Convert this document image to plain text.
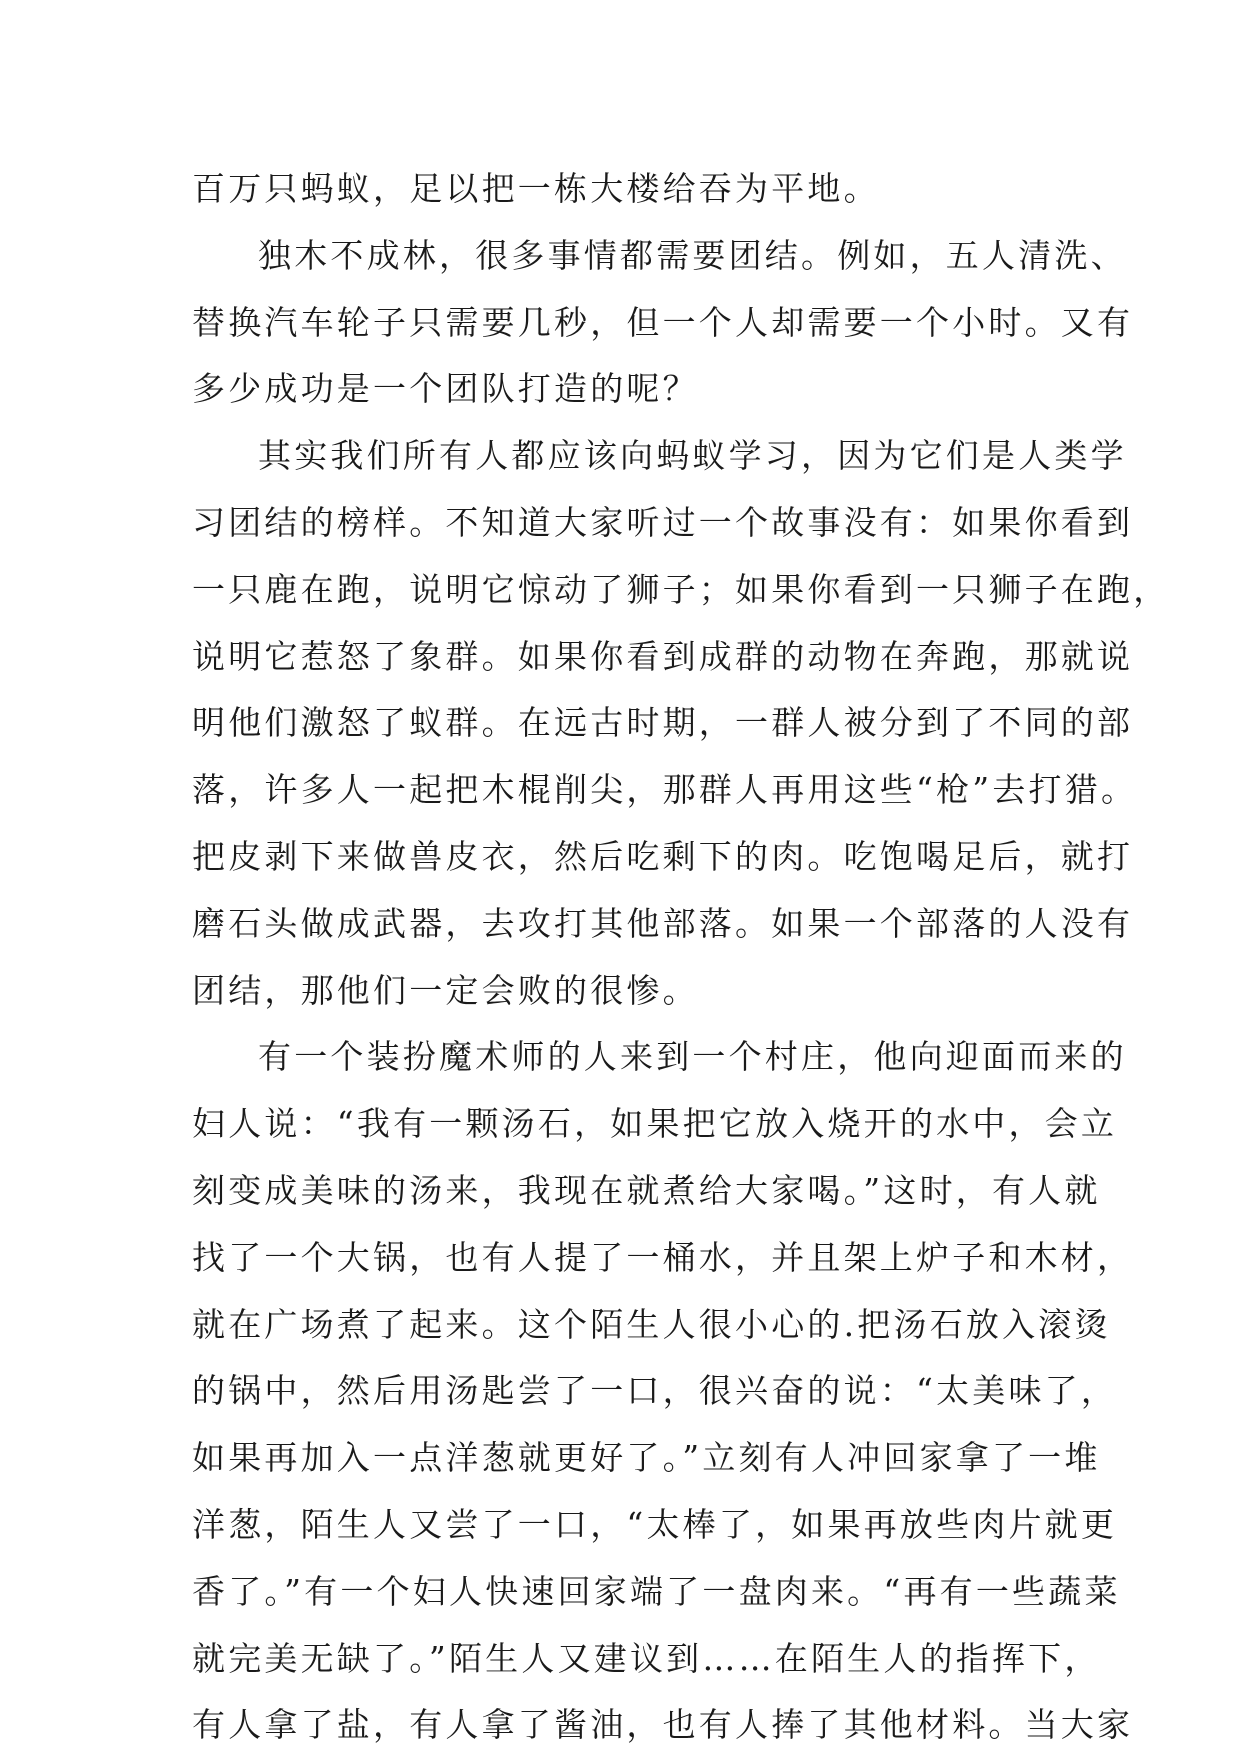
百万只蚂蚁，足以把一栋大楼给吞为平地。
独木不成林，很多事情都需要团结。例如，五人清洗、
替换汽车轮子只需要几秒，但一个人却需要一个小时。又有
多少成功是一个团队打造的呢？
其实我们所有人都应该向蚂蚁学习，因为它们是人类学
习团结的榜样。不知道大家听过一个故事没有：如果你看到
一只鹿在跑，说明它惊动了狮子；如果你看到一只狮子在跑，
说明它惹怒了象群。如果你看到成群的动物在奔跑，那就说
明他们激怒了蚁群。在远古时期，一群人被分到了不同的部
落，许多人一起把木棍削尖，那群人再用这些“枪”去打猎。
把皮剥下来做兽皮衣，然后吃剩下的肉。吃饱喝足后，就打
磨石头做成武器，去攻打其他部落。如果一个部落的人没有
团结，那他们一定会败的很惨。
有一个装扮魔术师的人来到一个村庄，他向迎面而来的
妇人说：“我有一颗汤石，如果把它放入烧开的水中，会立
刻变成美味的汤来，我现在就煮给大家喝。”这时，有人就
找了一个大锅，也有人提了一桶水，并且架上炉子和木材，
就在广场煮了起来。这个陌生人很小心的.把汤石放入滚烫
的锅中，然后用汤匙尝了一口，很兴奋的说：“太美味了，
如果再加入一点洋葱就更好了。”立刻有人冲回家拿了一堆
洋葱，陌生人又尝了一口，“太棒了，如果再放些肉片就更
香了。”有一个妇人快速回家端了一盘肉来。“再有一些蔬菜
就完美无缺了。”陌生人又建议到……在陌生人的指挥下，
有人拿了盐，有人拿了酱油，也有人捧了其他材料。当大家
